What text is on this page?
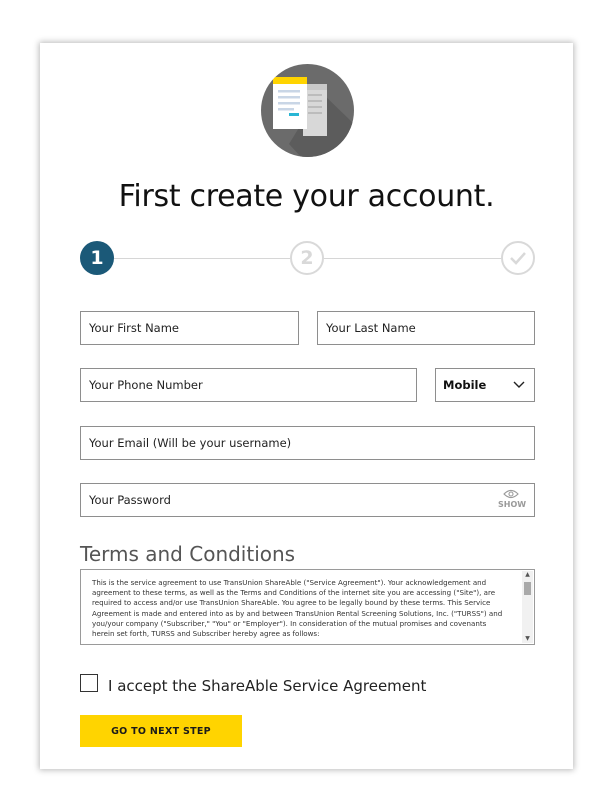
First create your account.
1	2
Your First Name
Your Last Name
Your Phone Number
Mobile
Your Email (Will be your username)
SHOW
Terms and Conditions
This is the service agreement to use TransUnion ShareAble ("Service Agreement"). Your acknowledgement and agreement to these terms, as well as the Terms and Conditions of the internet site you are accessing ("Site"), are required to access and/or use TransUnion ShareAble. You agree to be legally bound by these terms. This Service Agreement is made and entered into as by and between TransUnion Rental Screening Solutions, Inc. ("TURSS") and you/your company ("Subscriber," "You" or "Employer"). In consideration of the mutual promises and covenants herein set forth, TURSS and Subscriber hereby agree as follows:
▲
▼
I accept the ShareAble Service Agreement
GO TO NEXT STEP
